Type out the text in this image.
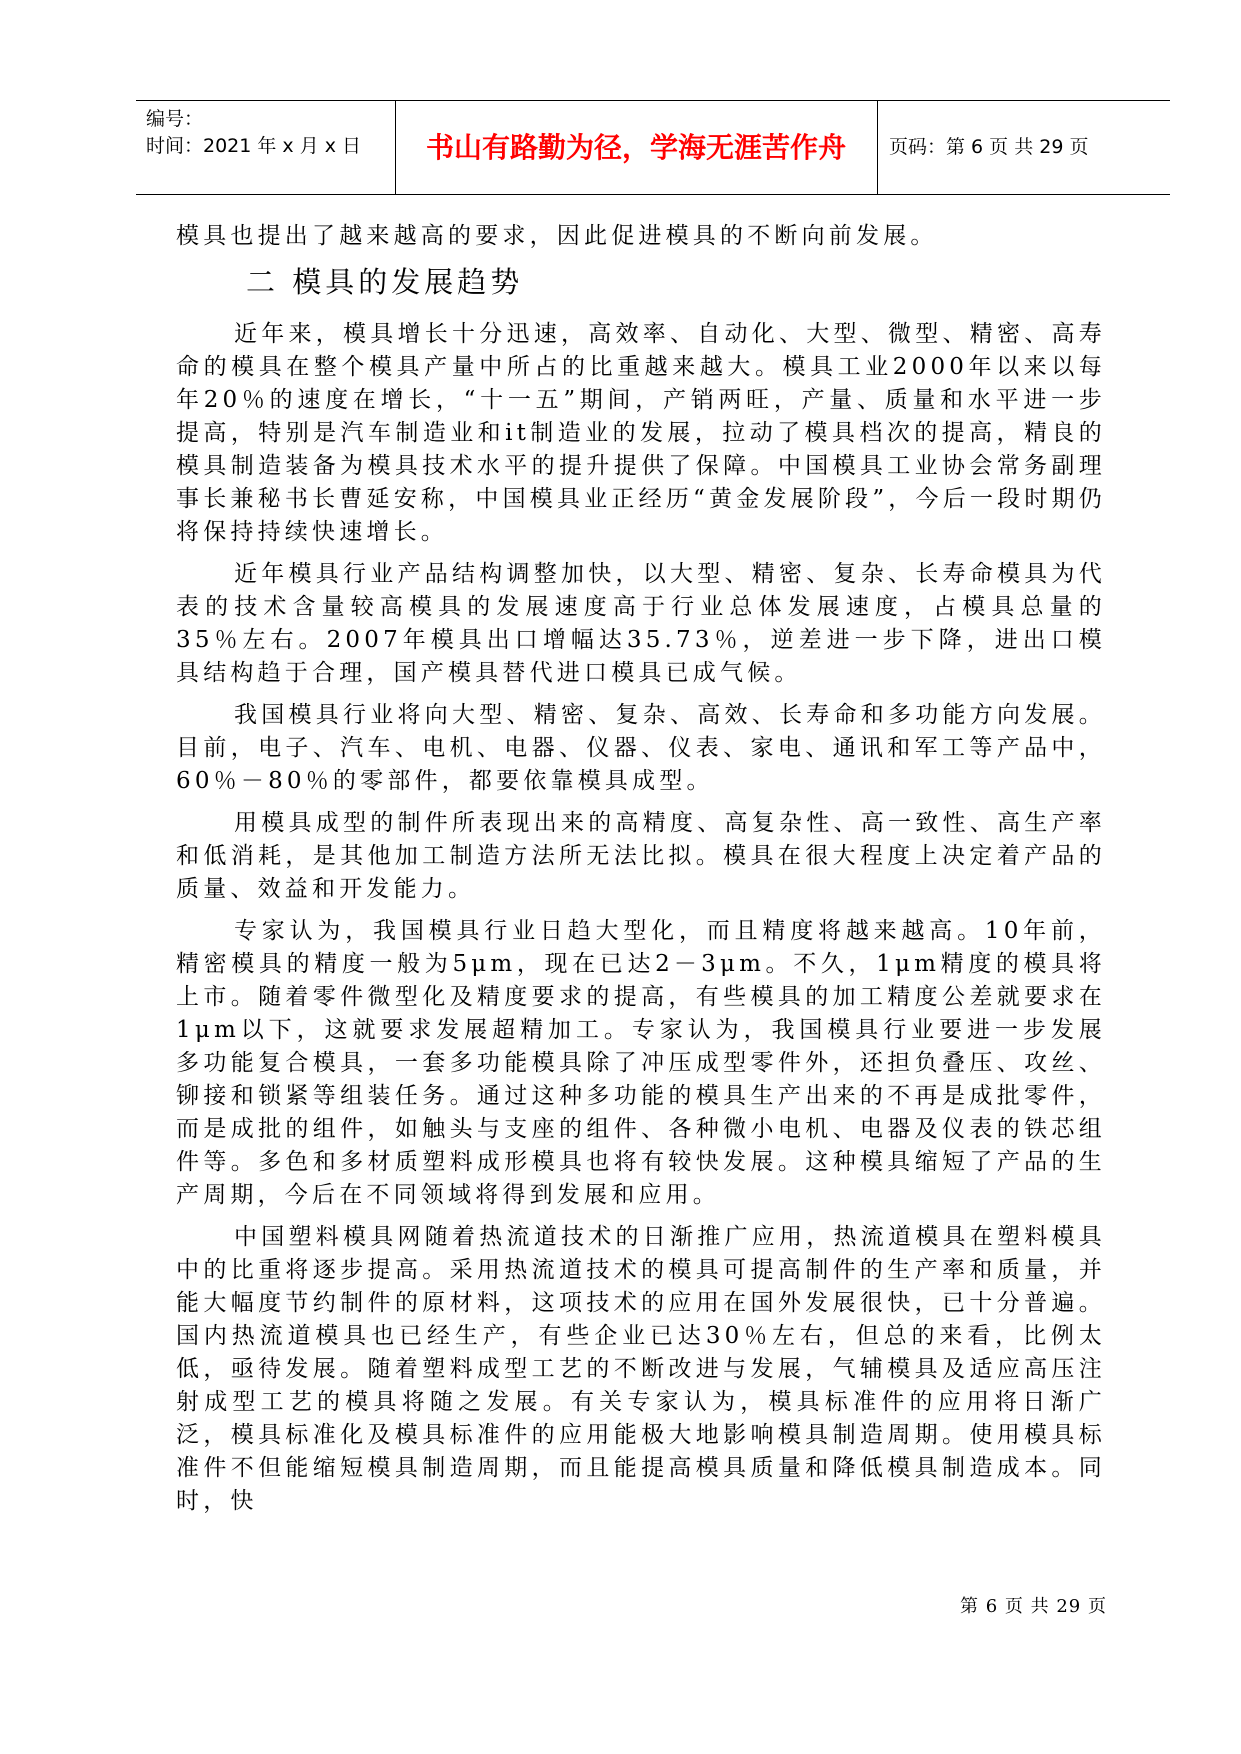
编号：
时间：2021 年 x 月 x 日	书山有路勤为径，学海无涯苦作舟	页码：第 6 页 共 29 页

模具也提出了越来越高的要求，因此促进模具的不断向前发展。

二 模具的发展趋势

近年来，模具增长十分迅速，高效率、自动化、大型、微型、精密、高寿命的模具在整个模具产量中所占的比重越来越大。模具工业2000年以来以每年20％的速度在增长，“十一五”期间，产销两旺，产量、质量和水平进一步提高，特别是汽车制造业和it制造业的发展，拉动了模具档次的提高，精良的模具制造装备为模具技术水平的提升提供了保障。中国模具工业协会常务副理事长兼秘书长曹延安称，中国模具业正经历“黄金发展阶段”，今后一段时期仍将保持持续快速增长。

近年模具行业产品结构调整加快，以大型、精密、复杂、长寿命模具为代表的技术含量较高模具的发展速度高于行业总体发展速度，占模具总量的35％左右。2007年模具出口增幅达35.73％，逆差进一步下降，进出口模具结构趋于合理，国产模具替代进口模具已成气候。

我国模具行业将向大型、精密、复杂、高效、长寿命和多功能方向发展。目前，电子、汽车、电机、电器、仪器、仪表、家电、通讯和军工等产品中，60％－80％的零部件，都要依靠模具成型。

用模具成型的制件所表现出来的高精度、高复杂性、高一致性、高生产率和低消耗，是其他加工制造方法所无法比拟。模具在很大程度上决定着产品的质量、效益和开发能力。

专家认为，我国模具行业日趋大型化，而且精度将越来越高。10年前，精密模具的精度一般为5μm，现在已达2－3μm。不久，1μm精度的模具将上市。随着零件微型化及精度要求的提高，有些模具的加工精度公差就要求在1μm以下，这就要求发展超精加工。专家认为，我国模具行业要进一步发展多功能复合模具，一套多功能模具除了冲压成型零件外，还担负叠压、攻丝、铆接和锁紧等组装任务。通过这种多功能的模具生产出来的不再是成批零件，而是成批的组件，如触头与支座的组件、各种微小电机、电器及仪表的铁芯组件等。多色和多材质塑料成形模具也将有较快发展。这种模具缩短了产品的生产周期，今后在不同领域将得到发展和应用。

中国塑料模具网随着热流道技术的日渐推广应用，热流道模具在塑料模具中的比重将逐步提高。采用热流道技术的模具可提高制件的生产率和质量，并能大幅度节约制件的原材料，这项技术的应用在国外发展很快，已十分普遍。国内热流道模具也已经生产，有些企业已达30％左右，但总的来看，比例太低，亟待发展。随着塑料成型工艺的不断改进与发展，气辅模具及适应高压注射成型工艺的模具将随之发展。有关专家认为，模具标准件的应用将日渐广泛，模具标准化及模具标准件的应用能极大地影响模具制造周期。使用模具标准件不但能缩短模具制造周期，而且能提高模具质量和降低模具制造成本。同时，快

第 6 页 共 29 页
